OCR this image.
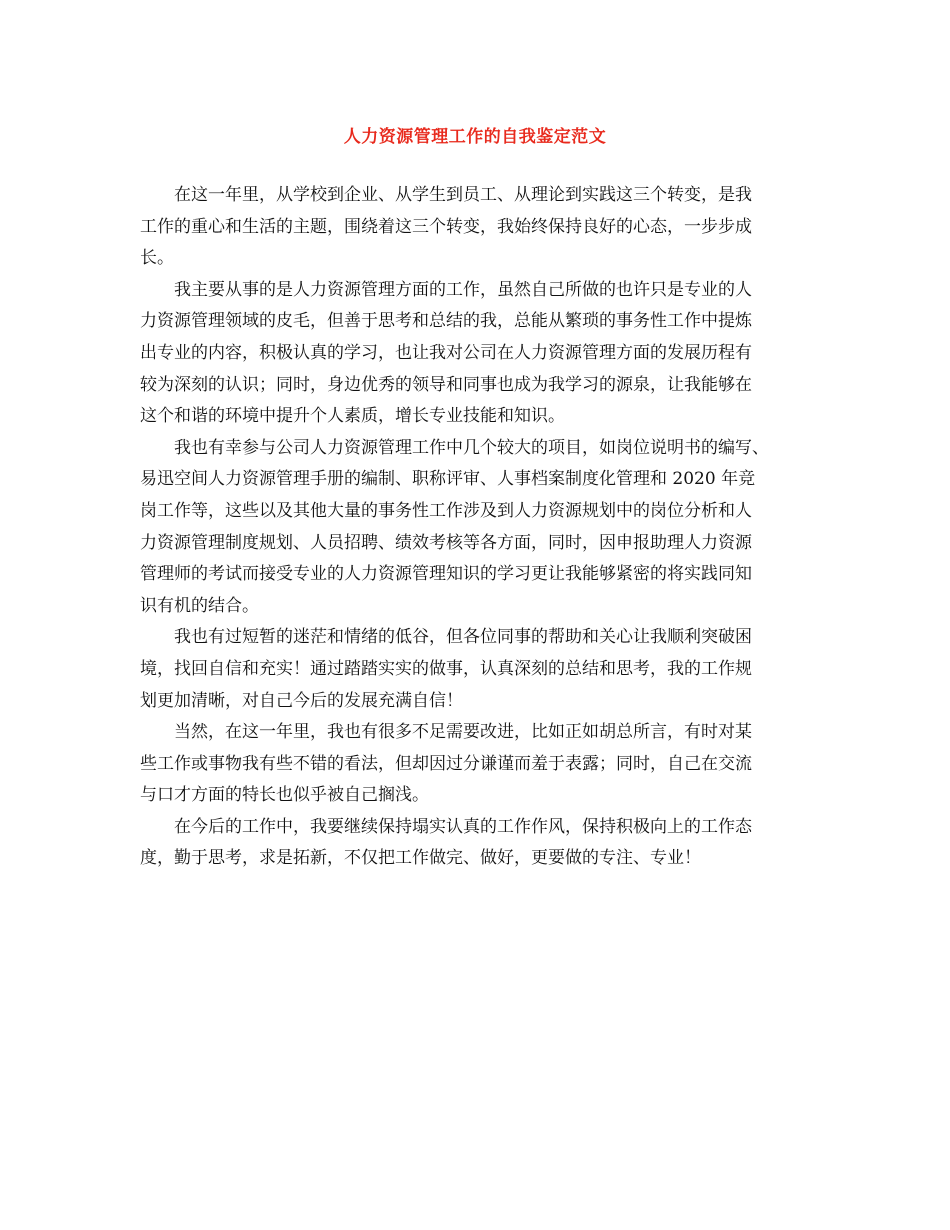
人力资源管理工作的自我鉴定范文

在这一年里，从学校到企业、从学生到员工、从理论到实践这三个转变，是我
工作的重心和生活的主题，围绕着这三个转变，我始终保持良好的心态，一步步成
长。

我主要从事的是人力资源管理方面的工作，虽然自己所做的也许只是专业的人
力资源管理领域的皮毛，但善于思考和总结的我，总能从繁琐的事务性工作中提炼
出专业的内容，积极认真的学习，也让我对公司在人力资源管理方面的发展历程有
较为深刻的认识；同时，身边优秀的领导和同事也成为我学习的源泉，让我能够在
这个和谐的环境中提升个人素质，增长专业技能和知识。

我也有幸参与公司人力资源管理工作中几个较大的项目，如岗位说明书的编写、
易迅空间人力资源管理手册的编制、职称评审、人事档案制度化管理和 2020 年竞
岗工作等，这些以及其他大量的事务性工作涉及到人力资源规划中的岗位分析和人
力资源管理制度规划、人员招聘、绩效考核等各方面，同时，因申报助理人力资源
管理师的考试而接受专业的人力资源管理知识的学习更让我能够紧密的将实践同知
识有机的结合。

我也有过短暂的迷茫和情绪的低谷，但各位同事的帮助和关心让我顺利突破困
境，找回自信和充实！通过踏踏实实的做事，认真深刻的总结和思考，我的工作规
划更加清晰，对自己今后的发展充满自信！

当然，在这一年里，我也有很多不足需要改进，比如正如胡总所言，有时对某
些工作或事物我有些不错的看法，但却因过分谦谨而羞于表露；同时，自己在交流
与口才方面的特长也似乎被自己搁浅。

在今后的工作中，我要继续保持塌实认真的工作作风，保持积极向上的工作态
度，勤于思考，求是拓新，不仅把工作做完、做好，更要做的专注、专业！
